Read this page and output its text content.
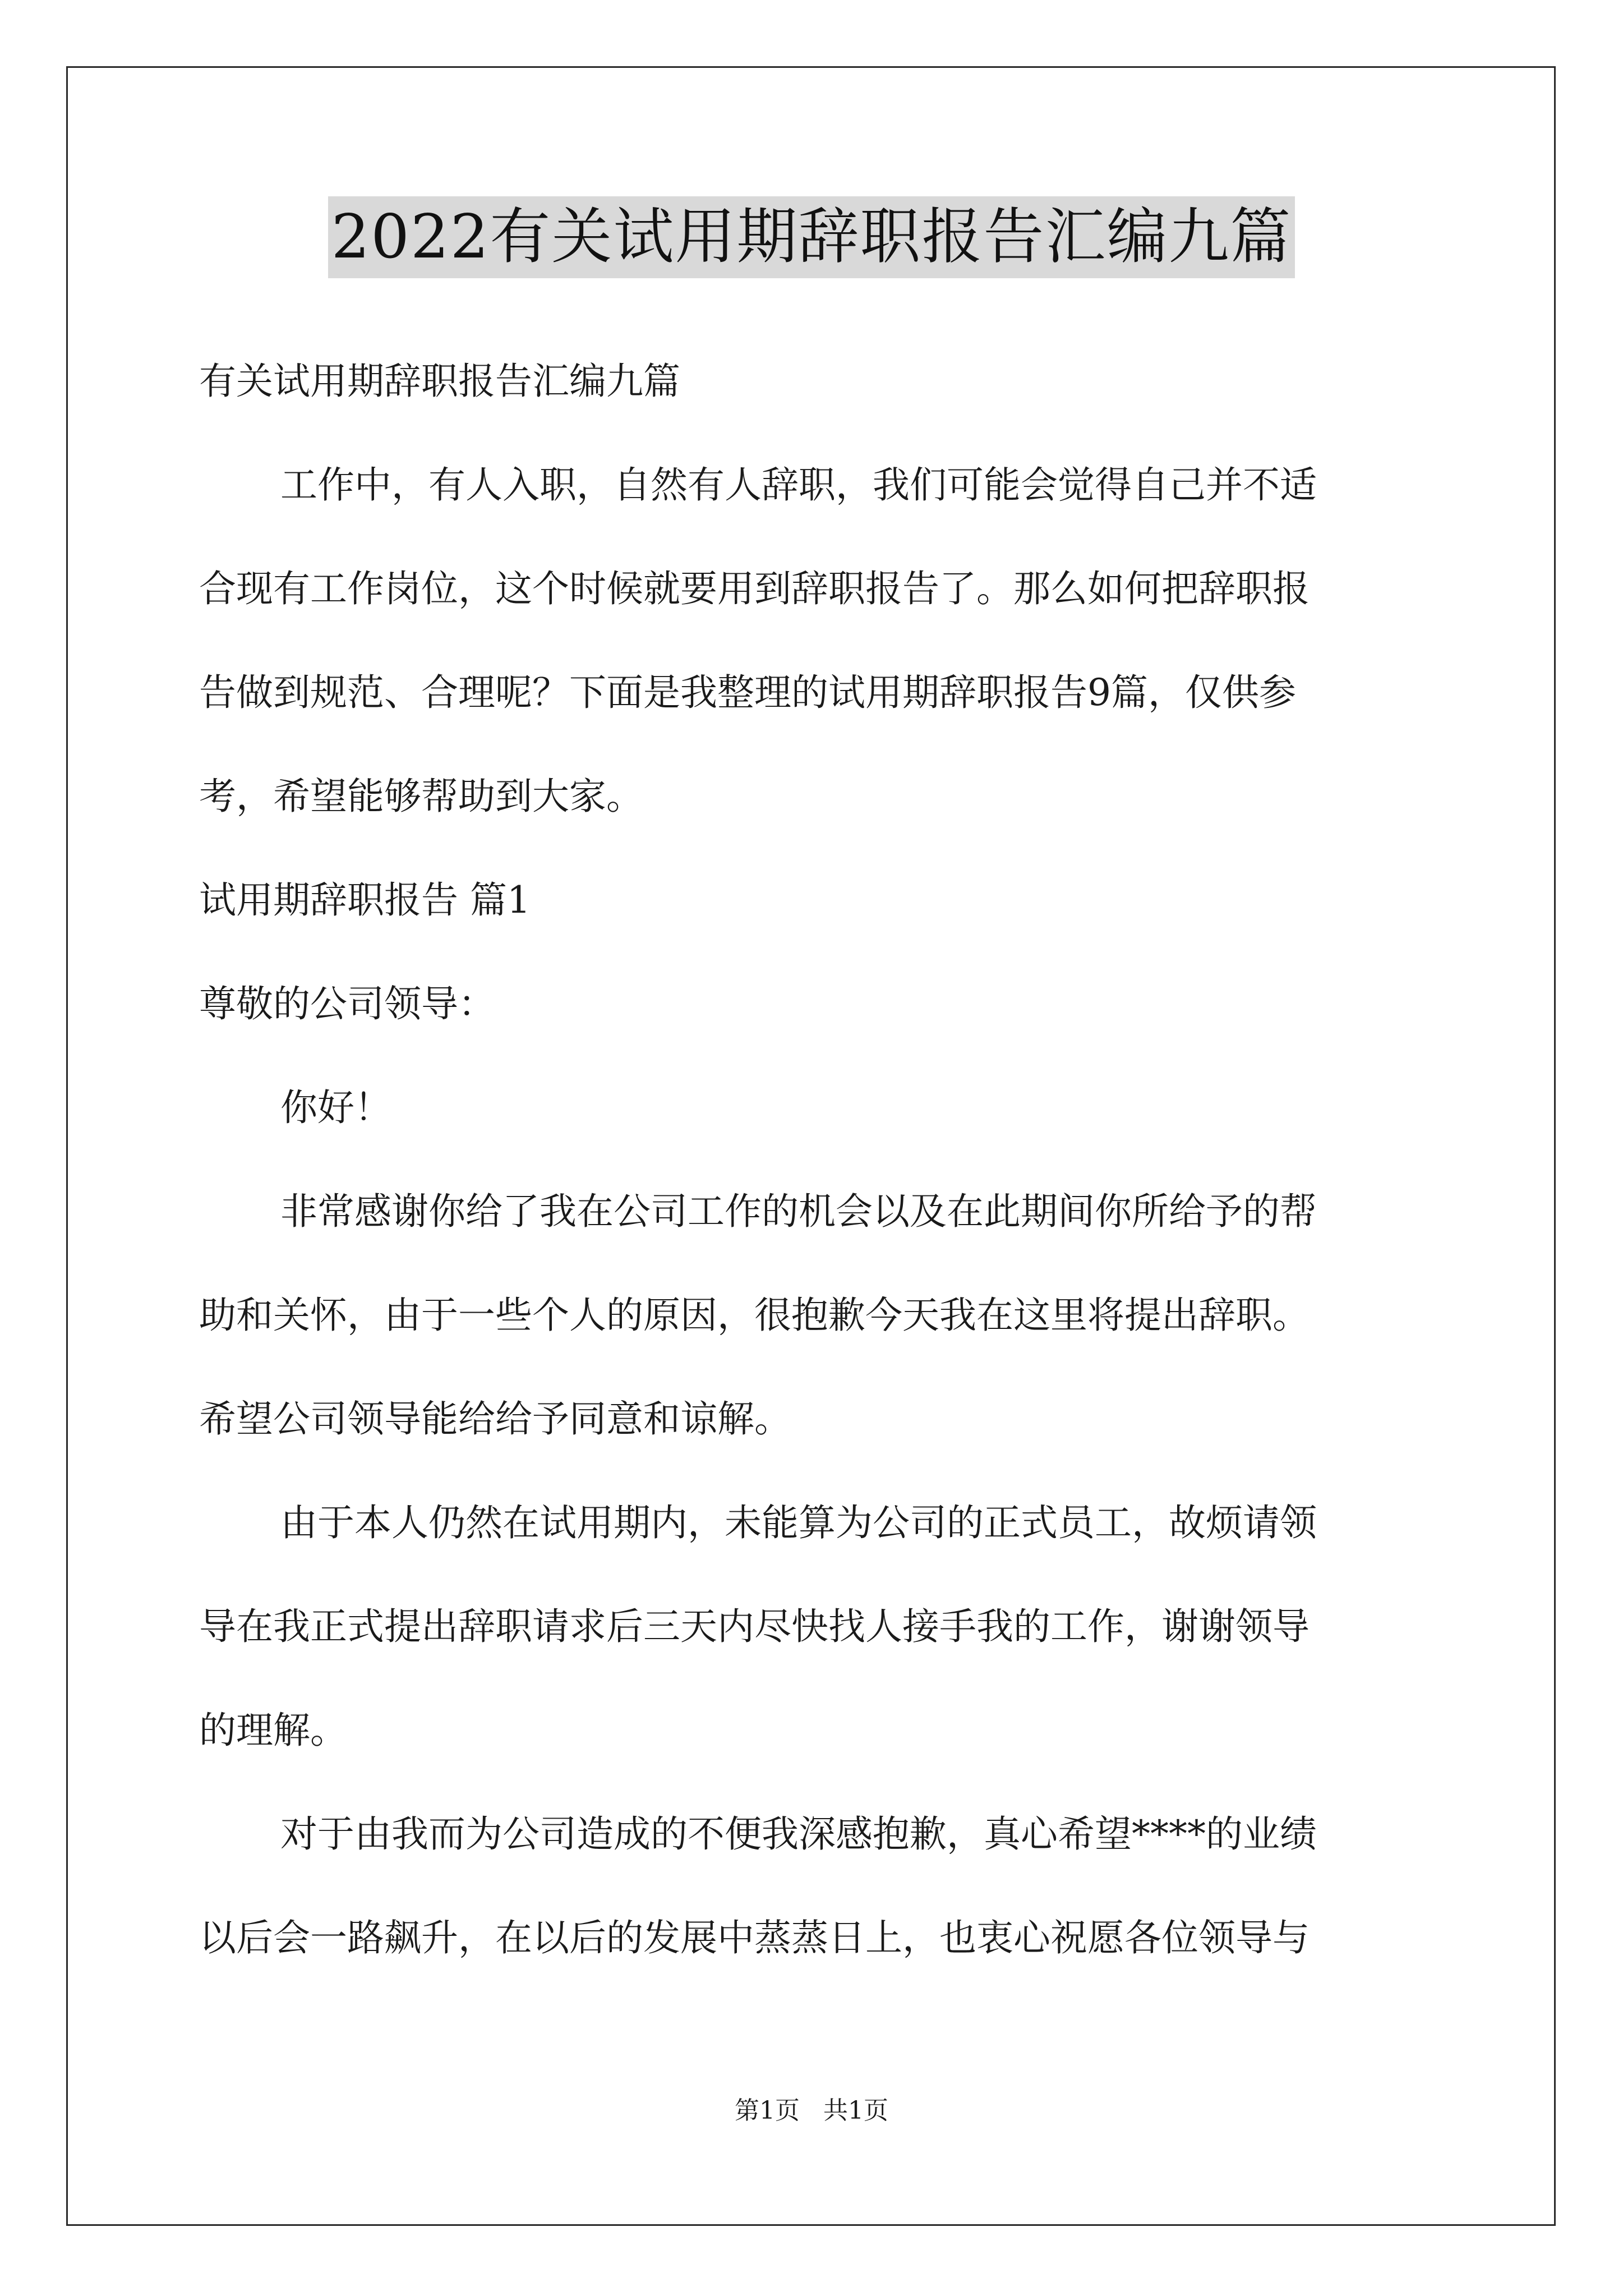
2022有关试用期辞职报告汇编九篇
有关试用期辞职报告汇编九篇
工作中，有人入职，自然有人辞职，我们可能会觉得自己并不适
合现有工作岗位，这个时候就要用到辞职报告了。那么如何把辞职报
告做到规范、合理呢？下面是我整理的试用期辞职报告9篇，仅供参
考，希望能够帮助到大家。
试用期辞职报告 篇1
尊敬的公司领导：
你好！
非常感谢你给了我在公司工作的机会以及在此期间你所给予的帮
助和关怀，由于一些个人的原因，很抱歉今天我在这里将提出辞职。
希望公司领导能给给予同意和谅解。
由于本人仍然在试用期内，未能算为公司的正式员工，故烦请领
导在我正式提出辞职请求后三天内尽快找人接手我的工作，谢谢领导
的理解。
对于由我而为公司造成的不便我深感抱歉，真心希望****的业绩
以后会一路飙升，在以后的发展中蒸蒸日上，也衷心祝愿各位领导与
第1页   共1页
